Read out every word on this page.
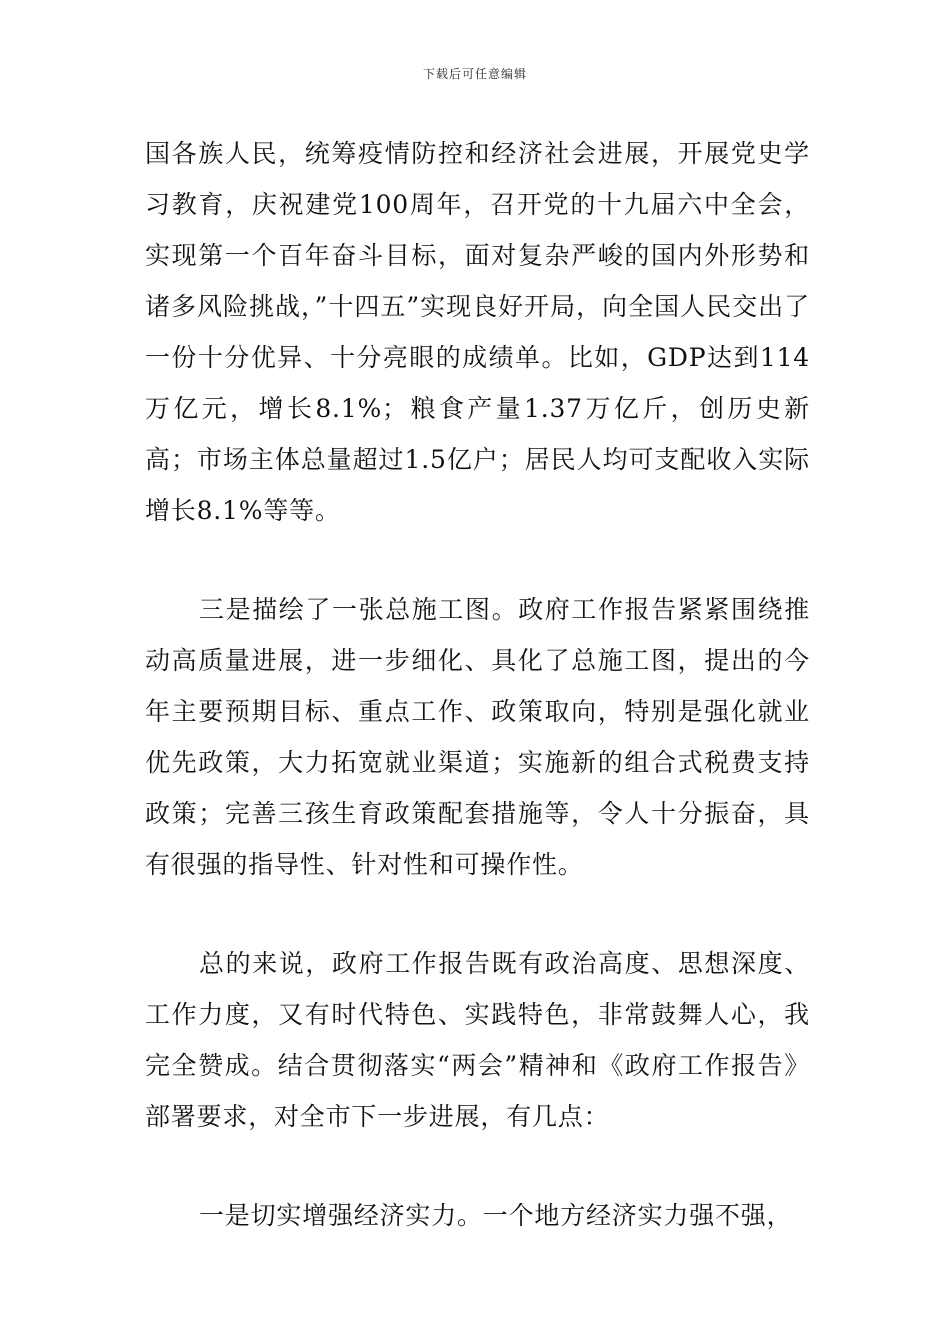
下载后可任意编辑

国各族人民，统筹疫情防控和经济社会进展，开展党史学习教育，庆祝建党100周年，召开党的十九届六中全会，实现第一个百年奋斗目标，面对复杂严峻的国内外形势和诸多风险挑战，”十四五”实现良好开局，向全国人民交出了一份十分优异、十分亮眼的成绩单。比如，GDP达到114万亿元，增长8.1%；粮食产量1.37万亿斤，创历史新高；市场主体总量超过1.5亿户；居民人均可支配收入实际增长8.1%等等。

三是描绘了一张总施工图。政府工作报告紧紧围绕推动高质量进展，进一步细化、具化了总施工图，提出的今年主要预期目标、重点工作、政策取向，特别是强化就业优先政策，大力拓宽就业渠道；实施新的组合式税费支持政策；完善三孩生育政策配套措施等，令人十分振奋，具有很强的指导性、针对性和可操作性。

总的来说，政府工作报告既有政治高度、思想深度、工作力度，又有时代特色、实践特色，非常鼓舞人心，我完全赞成。结合贯彻落实“两会”精神和《政府工作报告》部署要求，对全市下一步进展，有几点：

一是切实增强经济实力。一个地方经济实力强不强，
